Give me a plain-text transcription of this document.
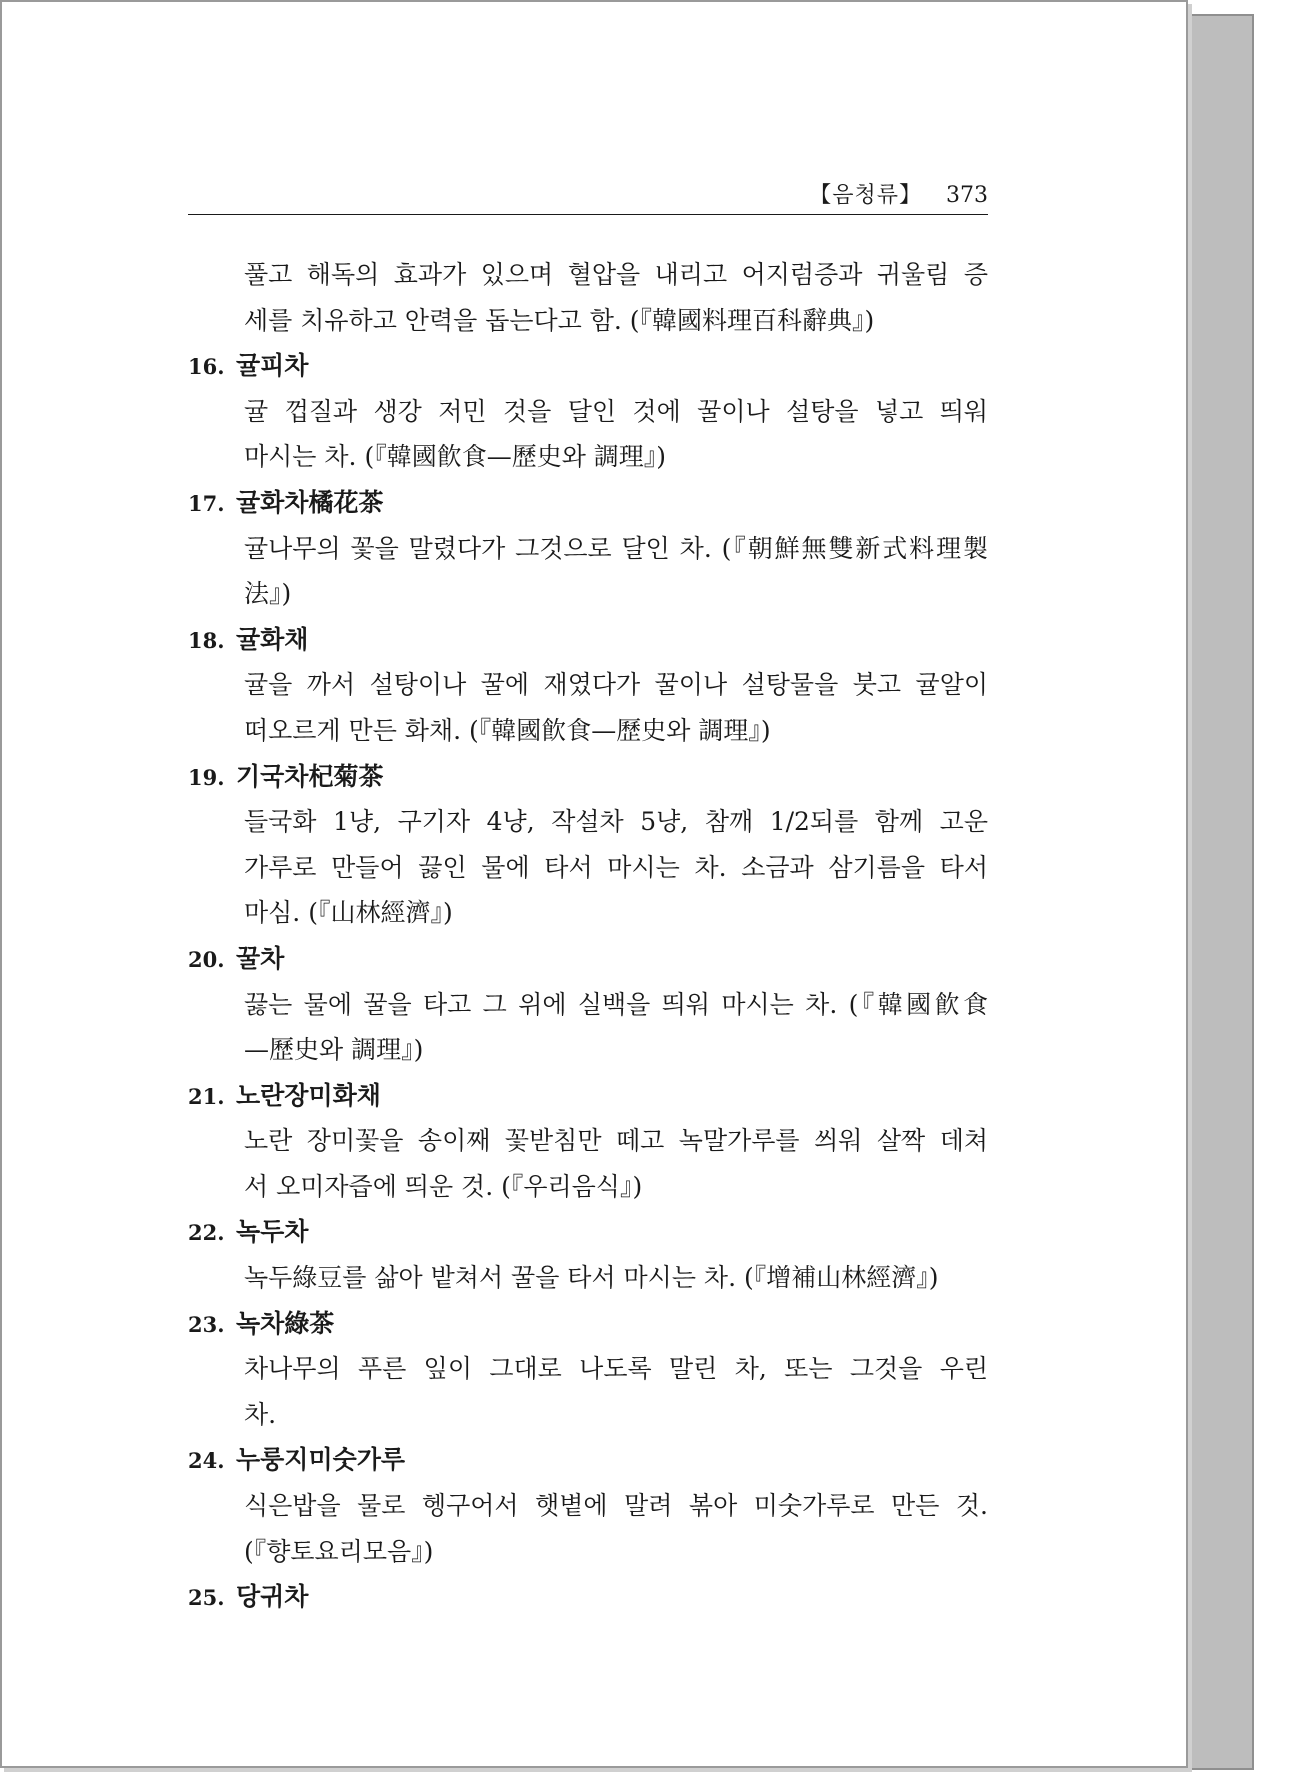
【음청류】 373
풀고 해독의 효과가 있으며 혈압을 내리고 어지럼증과 귀울림 증
세를 치유하고 안력을 돕는다고 함. (『韓國料理百科辭典』)
16. 귤피차
귤 껍질과 생강 저민 것을 달인 것에 꿀이나 설탕을 넣고 띄워
마시는 차. (『韓國飮食—歷史와 調理』)
17. 귤화차橘花茶
귤나무의 꽃을 말렸다가 그것으로 달인 차. (『朝鮮無雙新式料理製
法』)
18. 귤화채
귤을 까서 설탕이나 꿀에 재였다가 꿀이나 설탕물을 붓고 귤알이
떠오르게 만든 화채. (『韓國飮食—歷史와 調理』)
19. 기국차杞菊茶
들국화 1냥, 구기자 4냥, 작설차 5냥, 참깨 1/2되를 함께 고운
가루로 만들어 끓인 물에 타서 마시는 차. 소금과 삼기름을 타서
마심. (『山林經濟』)
20. 꿀차
끓는 물에 꿀을 타고 그 위에 실백을 띄워 마시는 차. (『韓國飮食
—歷史와 調理』)
21. 노란장미화채
노란 장미꽃을 송이째 꽃받침만 떼고 녹말가루를 씌워 살짝 데쳐
서 오미자즙에 띄운 것. (『우리음식』)
22. 녹두차
녹두綠豆를 삶아 밭쳐서 꿀을 타서 마시는 차. (『增補山林經濟』)
23. 녹차綠茶
차나무의 푸른 잎이 그대로 나도록 말린 차, 또는 그것을 우린
차.
24. 누룽지미숫가루
식은밥을 물로 헹구어서 햇볕에 말려 볶아 미숫가루로 만든 것.
(『향토요리모음』)
25. 당귀차
